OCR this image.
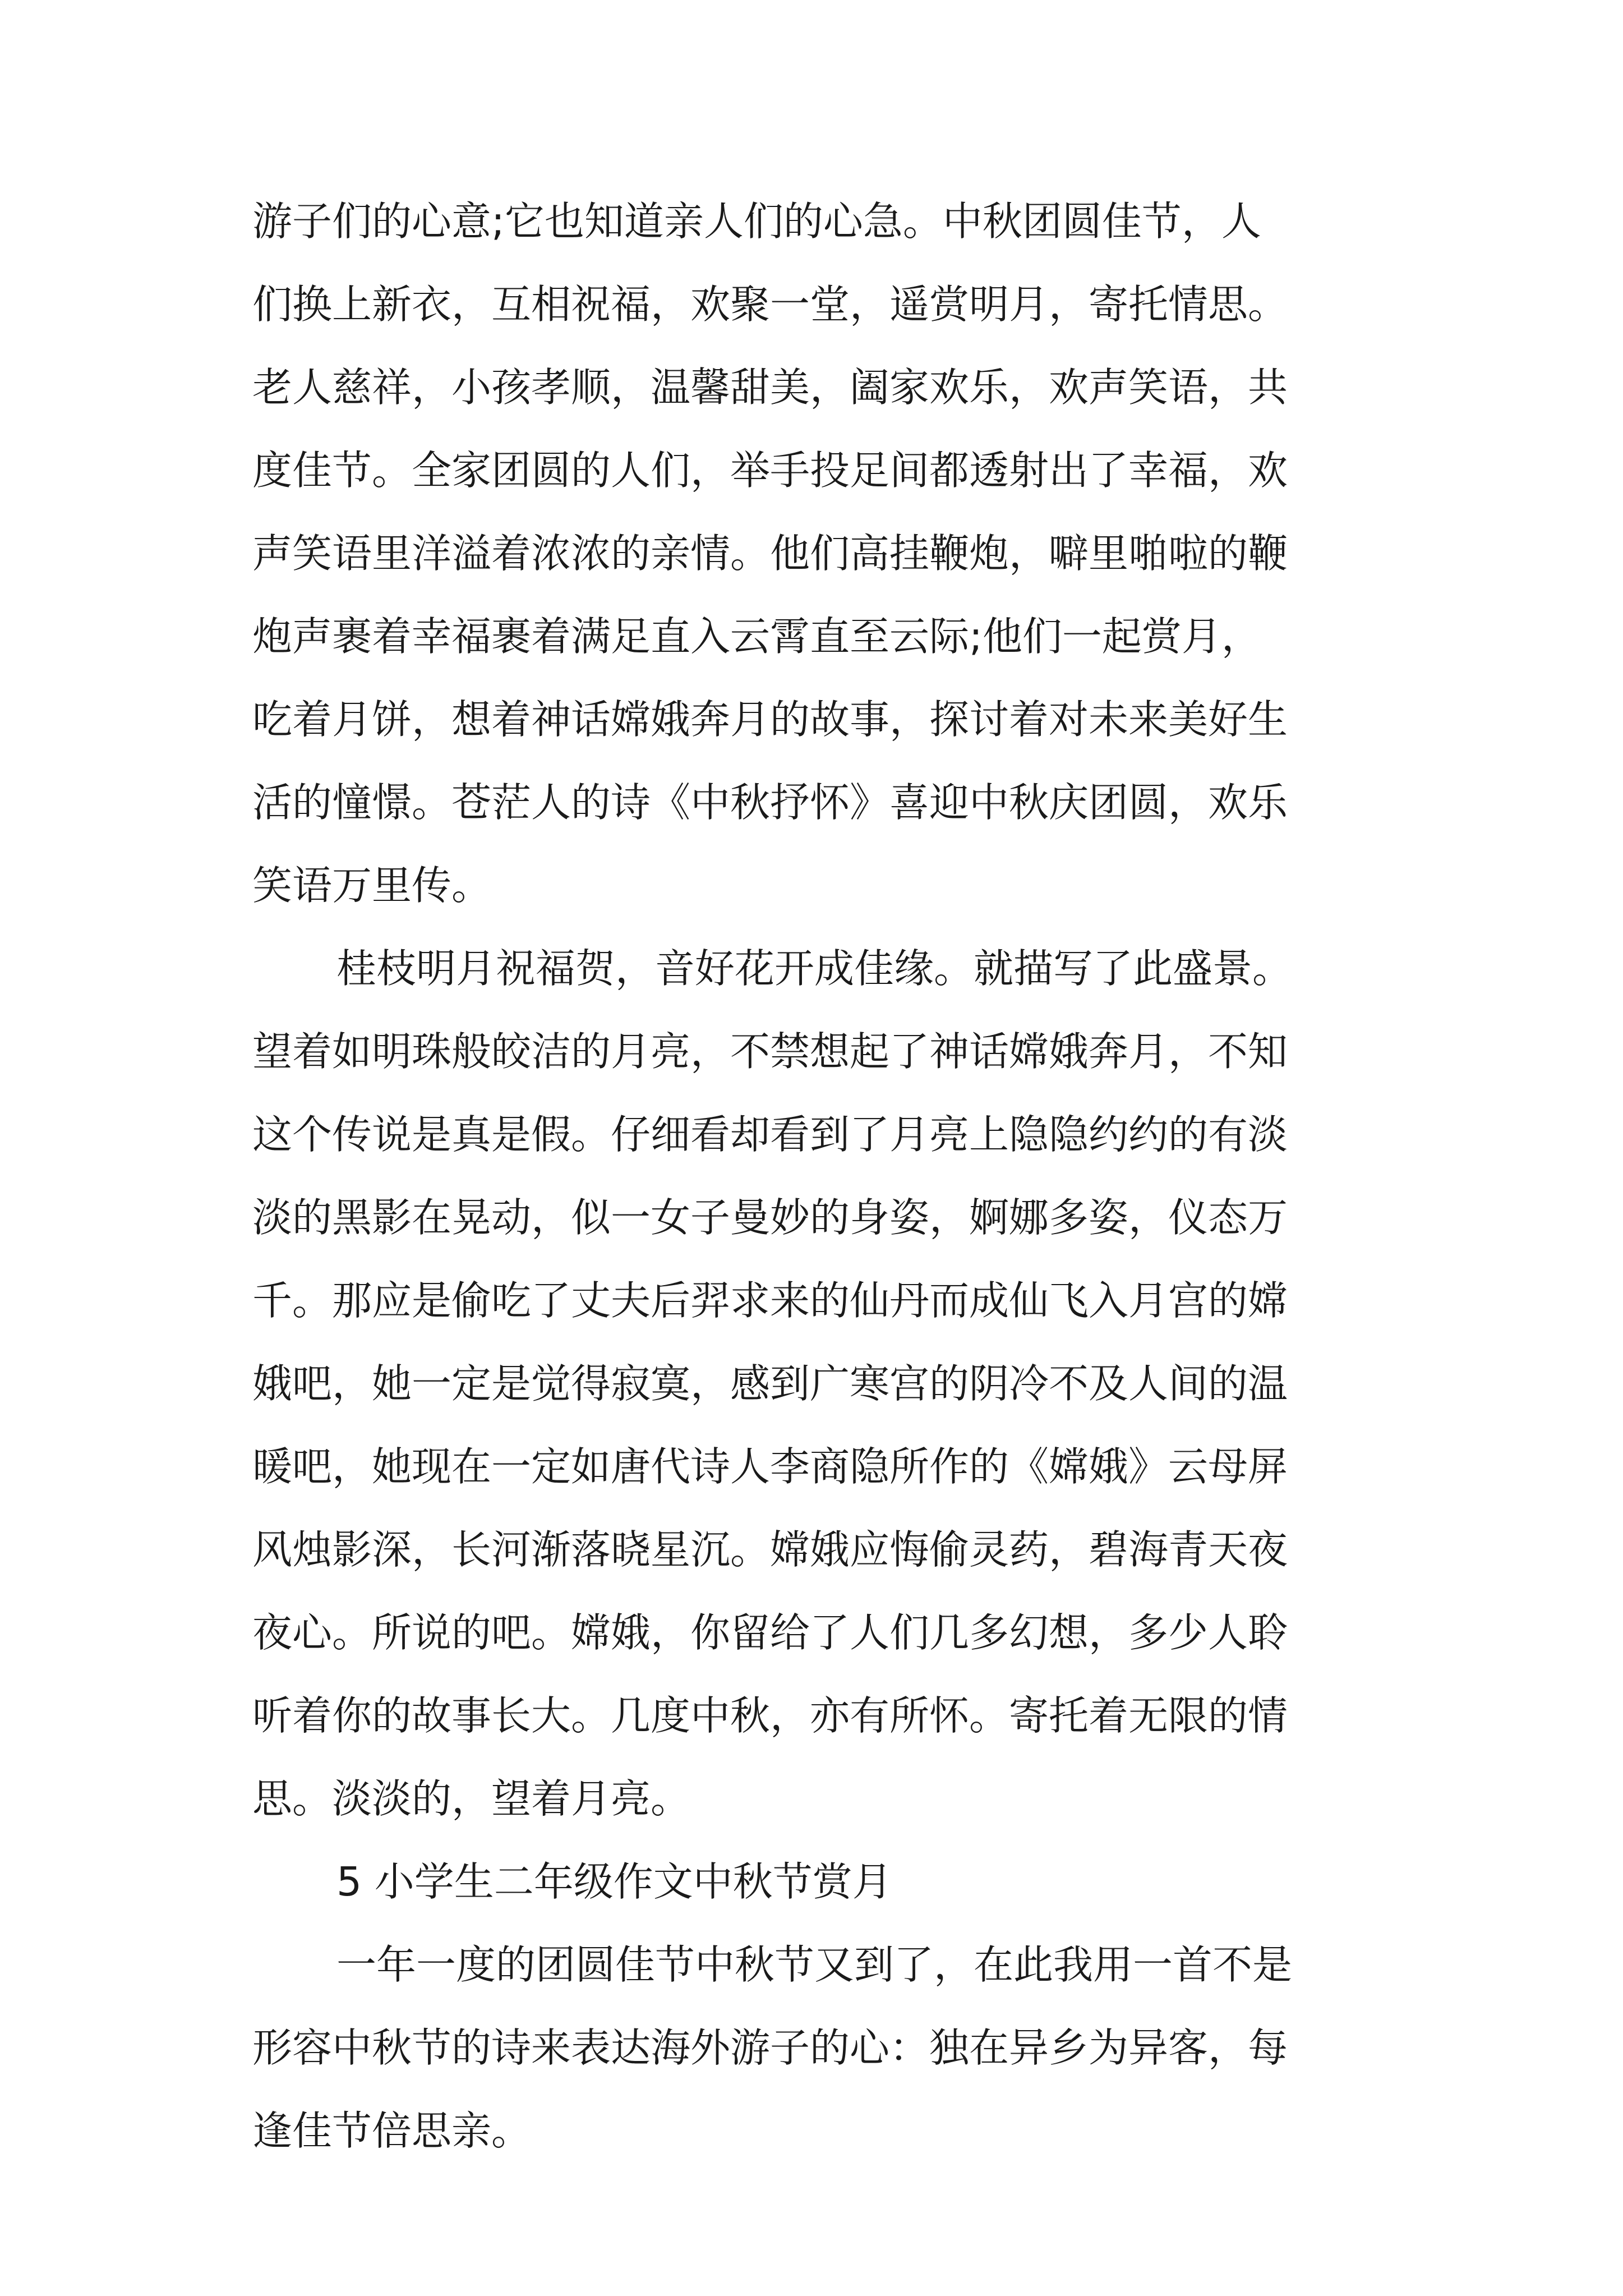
游子们的心意;它也知道亲人们的心急。中秋团圆佳节，人

们换上新衣，互相祝福，欢聚一堂，遥赏明月，寄托情思。

老人慈祥，小孩孝顺，温馨甜美，阖家欢乐，欢声笑语，共

度佳节。全家团圆的人们，举手投足间都透射出了幸福，欢

声笑语里洋溢着浓浓的亲情。他们高挂鞭炮，噼里啪啦的鞭

炮声裹着幸福裹着满足直入云霄直至云际;他们一起赏月，

吃着月饼，想着神话嫦娥奔月的故事，探讨着对未来美好生

活的憧憬。苍茫人的诗《中秋抒怀》喜迎中秋庆团圆，欢乐

笑语万里传。

桂枝明月祝福贺，音好花开成佳缘。就描写了此盛景。

望着如明珠般皎洁的月亮，不禁想起了神话嫦娥奔月，不知

这个传说是真是假。仔细看却看到了月亮上隐隐约约的有淡

淡的黑影在晃动，似一女子曼妙的身姿，婀娜多姿，仪态万

千。那应是偷吃了丈夫后羿求来的仙丹而成仙飞入月宫的嫦

娥吧，她一定是觉得寂寞，感到广寒宫的阴冷不及人间的温

暖吧，她现在一定如唐代诗人李商隐所作的《嫦娥》云母屏

风烛影深，长河渐落晓星沉。嫦娥应悔偷灵药，碧海青天夜

夜心。所说的吧。嫦娥，你留给了人们几多幻想，多少人聆

听着你的故事长大。几度中秋，亦有所怀。寄托着无限的情

思。淡淡的，望着月亮。

5 小学生二年级作文中秋节赏月

一年一度的团圆佳节中秋节又到了，在此我用一首不是

形容中秋节的诗来表达海外游子的心：独在异乡为异客，每

逢佳节倍思亲。
